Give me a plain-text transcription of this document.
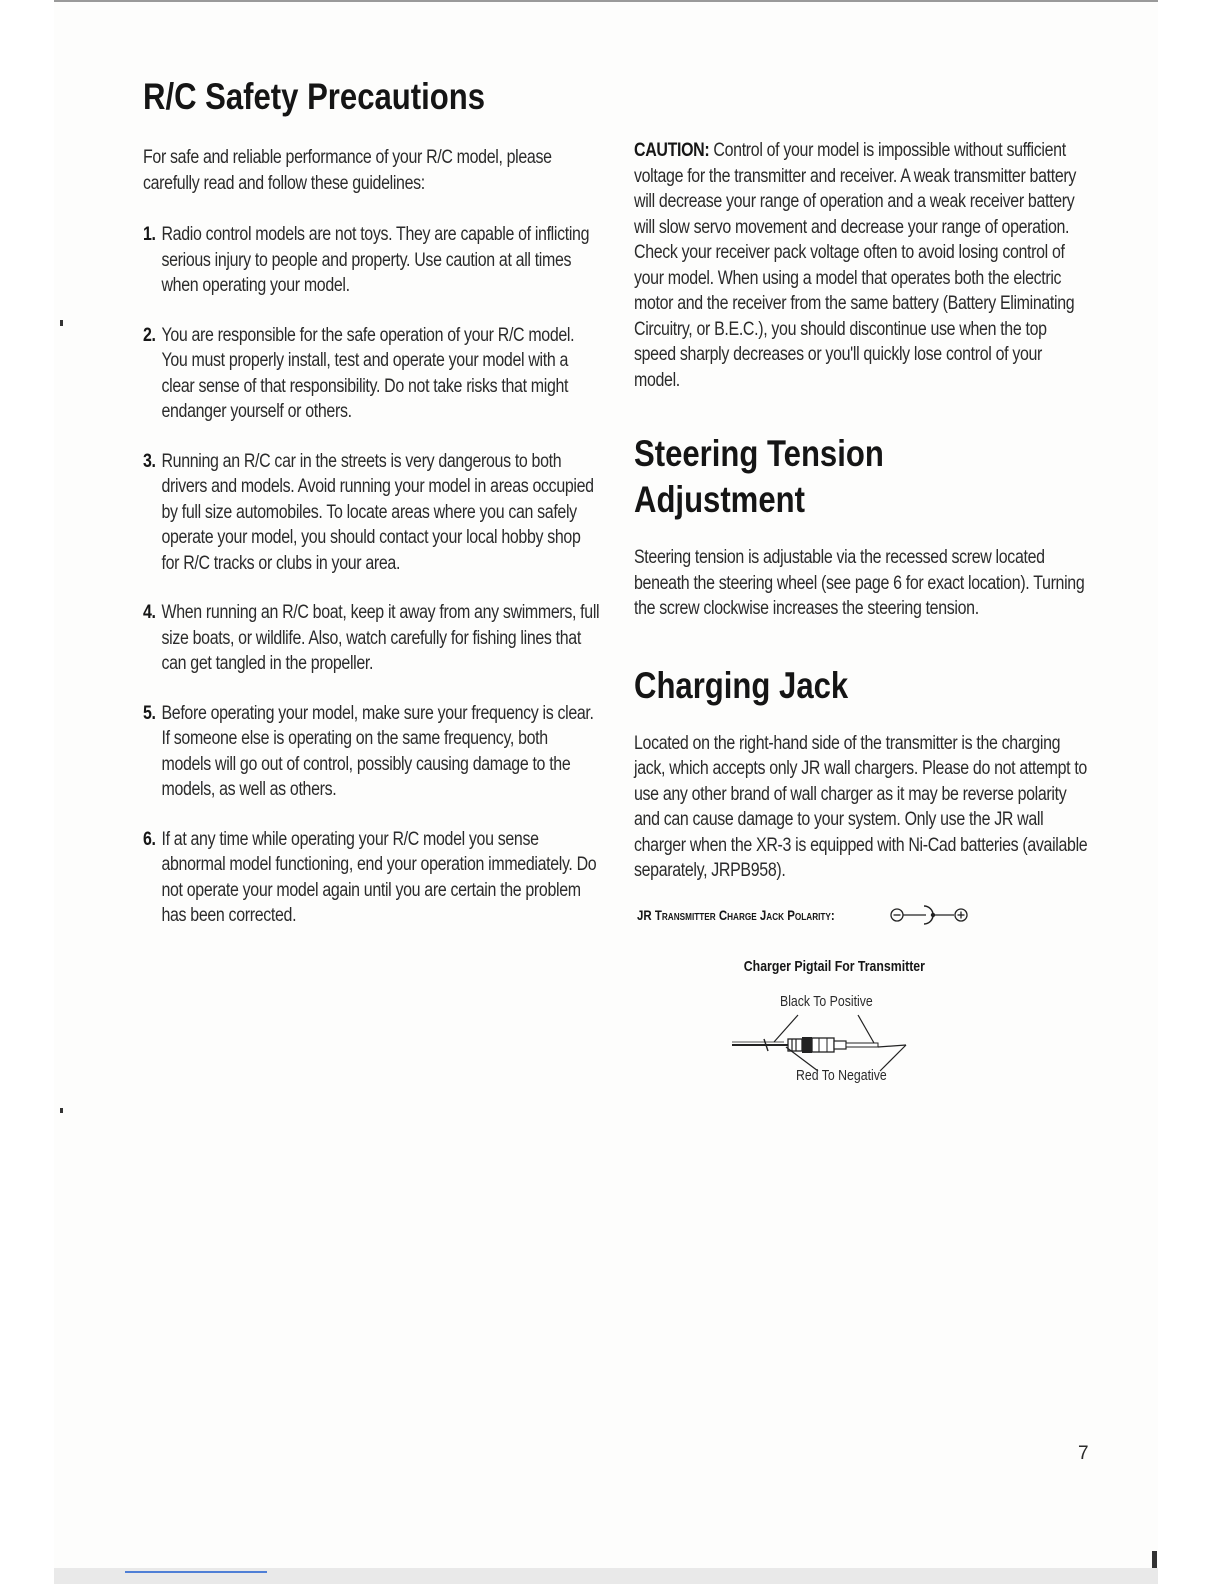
R/C Safety Precautions

For safe and reliable performance of your R/C model, please carefully read and follow these guidelines:

1. Radio control models are not toys. They are capable of inflicting serious injury to people and property. Use caution at all times when operating your model.
2. You are responsible for the safe operation of your R/C model. You must properly install, test and operate your model with a clear sense of that responsibility. Do not take risks that might endanger yourself or others.
3. Running an R/C car in the streets is very dangerous to both drivers and models. Avoid running your model in areas occupied by full size automobiles. To locate areas where you can safely operate your model, you should contact your local hobby shop for R/C tracks or clubs in your area.
4. When running an R/C boat, keep it away from any swimmers, full size boats, or wildlife. Also, watch carefully for fishing lines that can get tangled in the propeller.
5. Before operating your model, make sure your frequency is clear. If someone else is operating on the same frequency, both models will go out of control, possibly causing damage to the models, as well as others.
6. If at any time while operating your R/C model you sense abnormal model functioning, end your operation immediately. Do not operate your model again until you are certain the problem has been corrected.

CAUTION: Control of your model is impossible without sufficient voltage for the transmitter and receiver. A weak transmitter battery will decrease your range of operation and a weak receiver battery will slow servo movement and decrease your range of operation. Check your receiver pack voltage often to avoid losing control of your model. When using a model that operates both the electric motor and the receiver from the same battery (Battery Eliminating Circuitry, or B.E.C.), you should discontinue use when the top speed sharply decreases or you'll quickly lose control of your model.

Steering Tension
Adjustment

Steering tension is adjustable via the recessed screw located beneath the steering wheel (see page 6 for exact location). Turning the screw clockwise increases the steering tension.

Charging Jack

Located on the right-hand side of the transmitter is the charging jack, which accepts only JR wall chargers. Please do not attempt to use any other brand of wall charger as it may be reverse polarity and can cause damage to your system. Only use the JR wall charger when the XR-3 is equipped with Ni-Cad batteries (available separately, JRPB958).

JR Transmitter Charge Jack Polarity:
Charger Pigtail For Transmitter
Black To Positive
Red To Negative
7
